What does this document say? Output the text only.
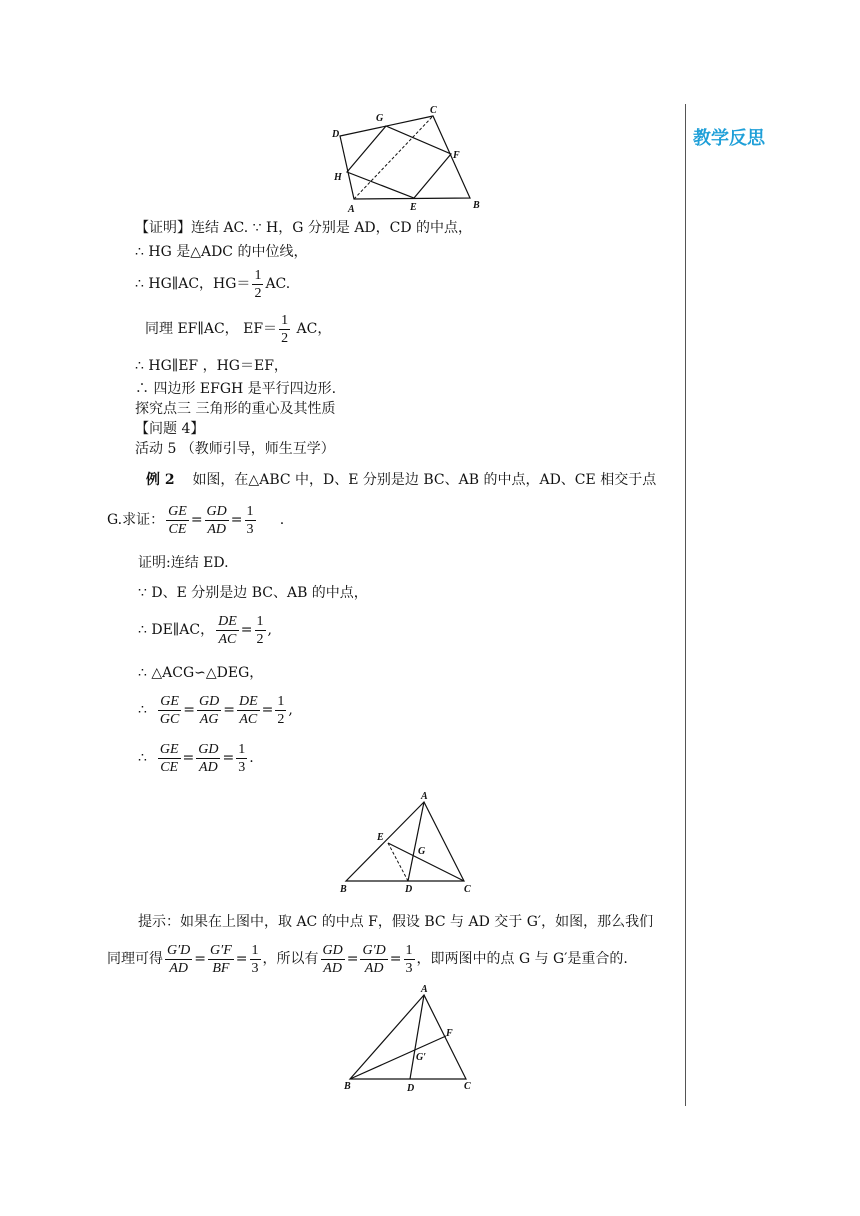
C
G
D
F
H
A	E	B
教学反思
【证明】连结 AC. ∵ H，G 分别是 AD，CD 的中点，
∴ HG 是△ADC 的中位线，
∴ HG∥AC，$HG= \frac{1}{2}$ AC.
同理 EF∥AC， $EF= \frac{1}{2}$ AC，
∴ HG∥EF ，HG＝EF，
∴ 四边形 EFGH 是平行四边形.
探究点三 三角形的重心及其性质
【问题 4】
活动 5 （教师引导，师生互学）
例 2 如图，在△ABC 中，D、E 分别是边 BC、AB 的中点，AD、CE 相交于点
G.求证： $\frac{GE}{CE} = \frac{GD}{AD} = \frac{1}{3}$ .
证明:连结 ED.
∵ D、E 分别是边 BC、AB 的中点，
∴ DE∥AC， $\frac{DE}{AC} = \frac{1}{2}$ ,
∴ △ACG∽△DEG，
∴ $\frac{GE}{GC} = \frac{GD}{AG} = \frac{DE}{AC} = \frac{1}{2}$ ,
∴ $\frac{GE}{CE} = \frac{GD}{AD} = \frac{1}{3}$ .
A
E
G
B	D	C
提示：如果在上图中，取 AC 的中点 F，假设 BC 与 AD 交于 G′，如图，那么我们
同理可得 $\frac{G'D}{AD} = \frac{G'F}{BF} = \frac{1}{3}$ ，所以有 $\frac{GD}{AD} = \frac{G'D}{AD} = \frac{1}{3}$ ，即两图中的点 G 与 G′是重合的.
A
F
G′
B	D	C
